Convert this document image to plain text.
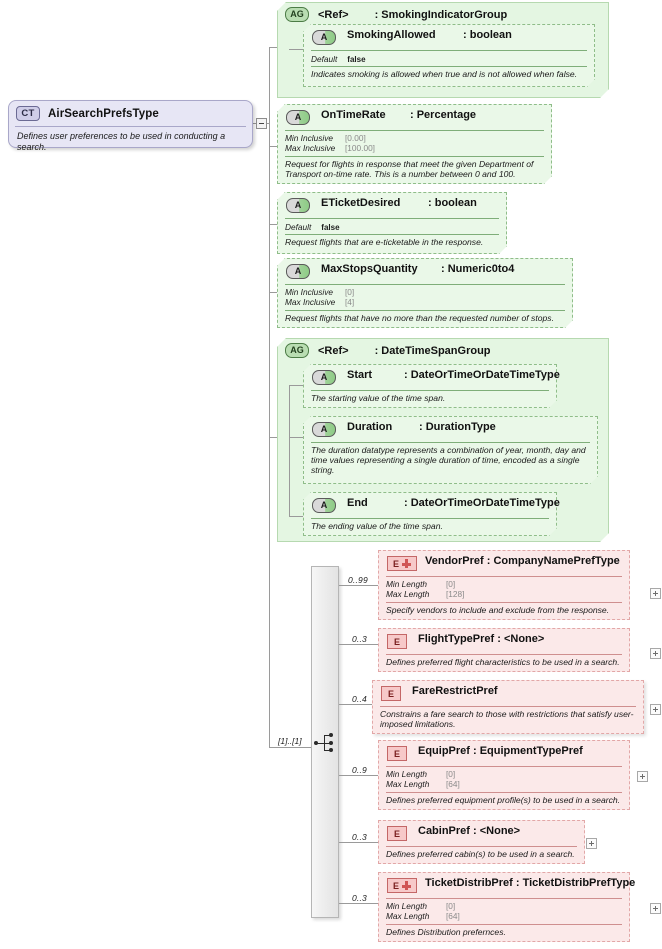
CT	AirSearchPrefsType
Defines user preferences to be used in conducting a search.
AG	<Ref> : SmokingIndicatorGroup
A	SmokingAllowed : boolean
Default false
Indicates smoking is allowed when true and is not allowed when false.
A	OnTimeRate : Percentage
Min Inclusive [0.00]
Max Inclusive [100.00]
Request for flights in response that meet the given Department of Transport on-time rate. This is a number between 0 and 100.
A	ETicketDesired	: boolean
Default false
Request flights that are e-ticketable in the response.
A	MaxStopsQuantity : Numeric0to4
Min Inclusive [0]
Max Inclusive [4]
Request flights that have no more than the requested number of stops.
AG	<Ref> : DateTimeSpanGroup
A	Start	: DateOrTimeOrDateTimeType
The starting value of the time span.
A	Duration : DurationType
The duration datatype represents a combination of year, month, day and time values representing a single duration of time, encoded as a single string.
A	End	: DateOrTimeOrDateTimeType
The ending value of the time span.
[1]..[1]
0..99
E VendorPref : CompanyNamePrefType
Min Length [0]
Max Length [128]
Specify vendors to include and exclude from the response.
0..3	E	FlightTypePref : <None>
Defines preferred flight characteristics to be used in a search.
0..4
E	FareRestrictPref
Constrains a fare search to those with restrictions that satisfy user-imposed limitations.
0..9
E	EquipPref : EquipmentTypePref
Min Length [0]
Max Length [64]
Defines preferred equipment profile(s) to be used in a search.
0..3	E	CabinPref : <None>
Defines preferred cabin(s) to be used in a search.
0..3
E TicketDistribPref : TicketDistribPrefType
Min Length [0]
Max Length [64]
Defines Distribution prefernces.
